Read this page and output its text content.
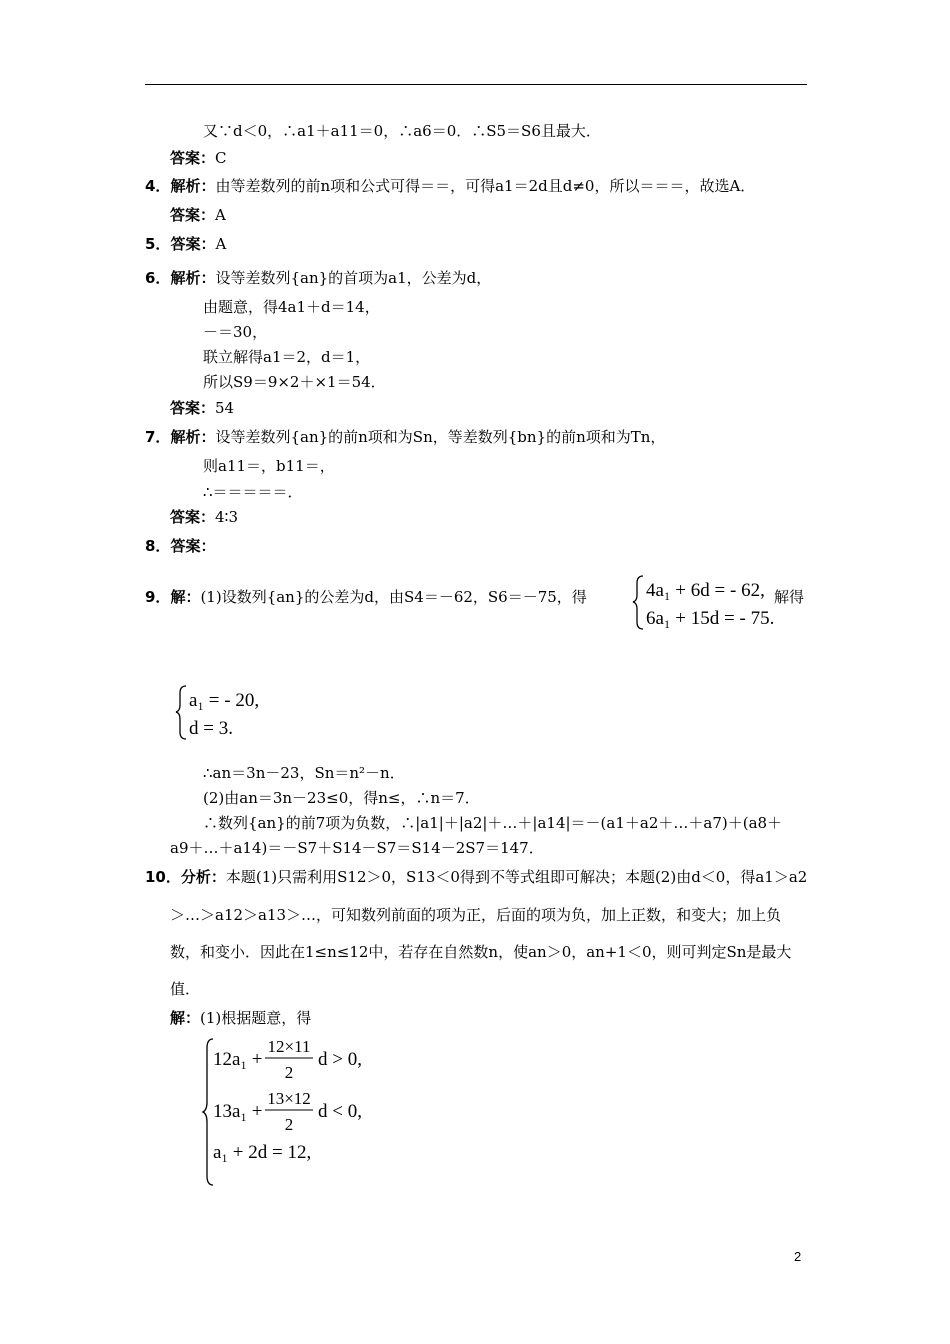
又∵d＜0，∴a1＋a11＝0，∴a6＝0．∴S5＝S6且最大．
答案：C
4．解析：由等差数列的前n项和公式可得＝＝，可得a1＝2d且d≠0，所以＝＝＝，故选A．
答案：A
5．答案：A
6．解析：设等差数列{an}的首项为a1，公差为d，
由题意，得4a1＋d＝14，
－＝30，
联立解得a1＝2，d＝1，
所以S9＝9×2＋×1＝54．
答案：54
7．解析：设等差数列{an}的前n项和为Sn，等差数列{bn}的前n项和为Tn，
则a11＝，b11＝，
∴＝＝＝＝＝．
答案：4∶3
8．答案：
9．解：(1)设数列{an}的公差为d，由S4＝－62，S6＝－75，得	解得
4a₁ + 6d = - 62,
6a₁ + 15d = - 75.
a₁ = - 20,
d = 3.
∴an＝3n－23，Sn＝n²－n．
(2)由an＝3n－23≤0，得n≤，∴n＝7．
∴数列{an}的前7项为负数，∴|a1|＋|a2|＋…＋|a14|＝－(a1＋a2＋…＋a7)＋(a8＋
a9＋…＋a14)＝－S7＋S14－S7＝S14－2S7＝147．
10．分析：本题(1)只需利用S12＞0，S13＜0得到不等式组即可解决；本题(2)由d＜0，得a1＞a2
＞…＞a12＞a13＞…，可知数列前面的项为正，后面的项为负，加上正数，和变大；加上负
数，和变小．因此在1≤n≤12中，若存在自然数n，使an＞0，an+1＜0，则可判定Sn是最大
值．
解：(1)根据题意，得
12a₁ +
12×11
2
d > 0,
13a₁ +
13×12
2
d < 0,
a₁ + 2d = 12,
2
